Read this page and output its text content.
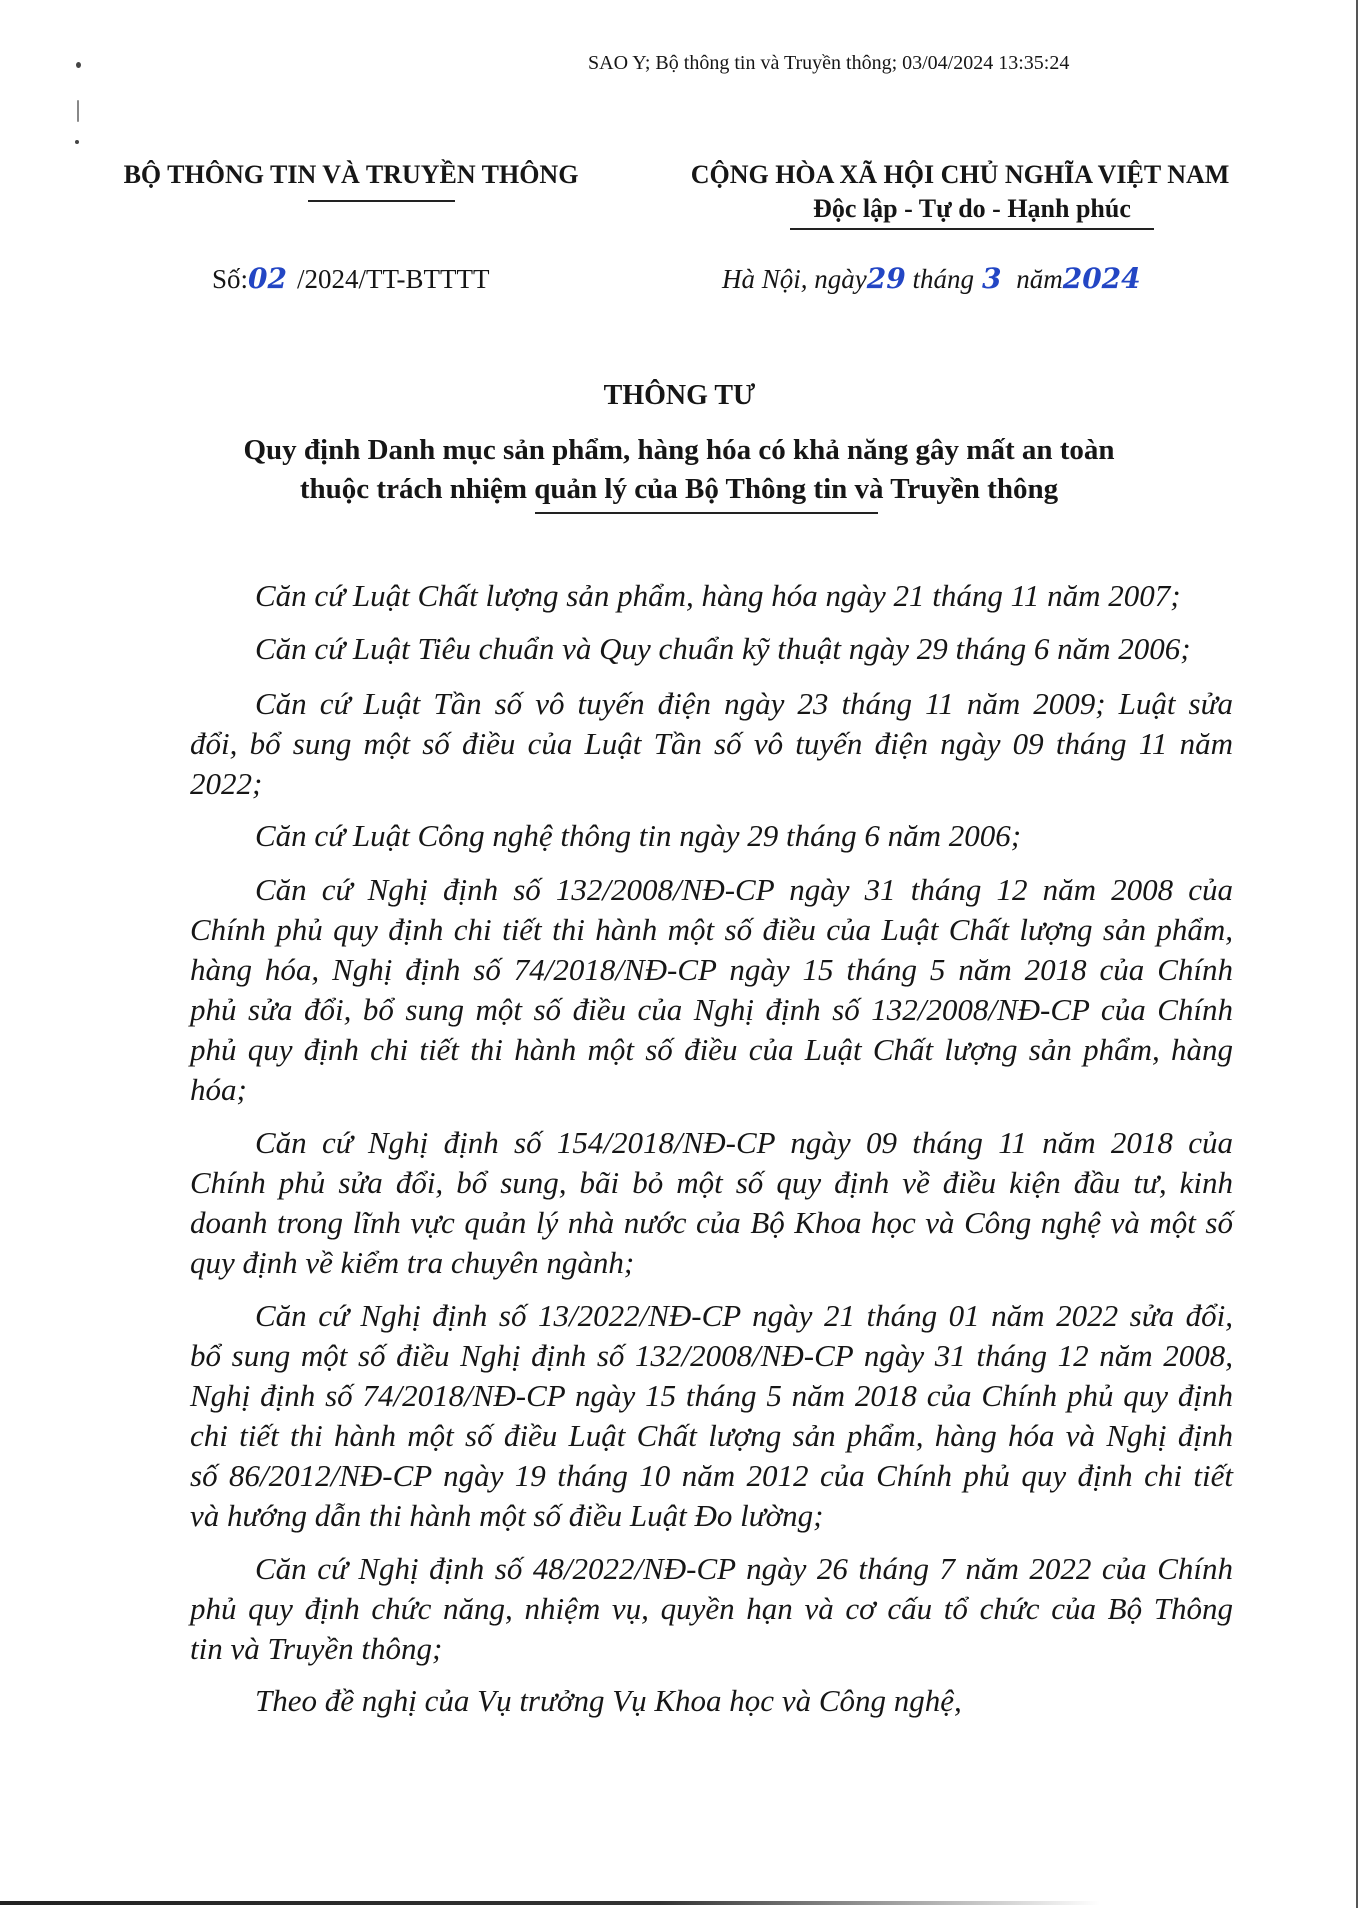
SAO Y; Bộ thông tin và Truyền thông; 03/04/2024 13:35:24
BỘ THÔNG TIN VÀ TRUYỀN THÔNG	CỘNG HÒA XÃ HỘI CHỦ NGHĨA VIỆT NAM
Độc lập - Tự do - Hạnh phúc
Số:02 /2024/TT-BTTTT	Hà Nội, ngày29 tháng 3 năm2024
THÔNG TƯ
Quy định Danh mục sản phẩm, hàng hóa có khả năng gây mất an toàn
thuộc trách nhiệm quản lý của Bộ Thông tin và Truyền thông
Căn cứ Luật Chất lượng sản phẩm, hàng hóa ngày 21 tháng 11 năm 2007;
Căn cứ Luật Tiêu chuẩn và Quy chuẩn kỹ thuật ngày 29 tháng 6 năm 2006;
Căn cứ Luật Tần số vô tuyến điện ngày 23 tháng 11 năm 2009; Luật sửa
đổi, bổ sung một số điều của Luật Tần số vô tuyến điện ngày 09 tháng 11 năm
2022;
Căn cứ Luật Công nghệ thông tin ngày 29 tháng 6 năm 2006;
Căn cứ Nghị định số 132/2008/NĐ-CP ngày 31 tháng 12 năm 2008 của
Chính phủ quy định chi tiết thi hành một số điều của Luật Chất lượng sản phẩm,
hàng hóa, Nghị định số 74/2018/NĐ-CP ngày 15 tháng 5 năm 2018 của Chính
phủ sửa đổi, bổ sung một số điều của Nghị định số 132/2008/NĐ-CP của Chính
phủ quy định chi tiết thi hành một số điều của Luật Chất lượng sản phẩm, hàng
hóa;
Căn cứ Nghị định số 154/2018/NĐ-CP ngày 09 tháng 11 năm 2018 của
Chính phủ sửa đổi, bổ sung, bãi bỏ một số quy định về điều kiện đầu tư, kinh
doanh trong lĩnh vực quản lý nhà nước của Bộ Khoa học và Công nghệ và một số
quy định về kiểm tra chuyên ngành;
Căn cứ Nghị định số 13/2022/NĐ-CP ngày 21 tháng 01 năm 2022 sửa đổi,
bổ sung một số điều Nghị định số 132/2008/NĐ-CP ngày 31 tháng 12 năm 2008,
Nghị định số 74/2018/NĐ-CP ngày 15 tháng 5 năm 2018 của Chính phủ quy định
chi tiết thi hành một số điều Luật Chất lượng sản phẩm, hàng hóa và Nghị định
số 86/2012/NĐ-CP ngày 19 tháng 10 năm 2012 của Chính phủ quy định chi tiết
và hướng dẫn thi hành một số điều Luật Đo lường;
Căn cứ Nghị định số 48/2022/NĐ-CP ngày 26 tháng 7 năm 2022 của Chính
phủ quy định chức năng, nhiệm vụ, quyền hạn và cơ cấu tổ chức của Bộ Thông
tin và Truyền thông;
Theo đề nghị của Vụ trưởng Vụ Khoa học và Công nghệ,
